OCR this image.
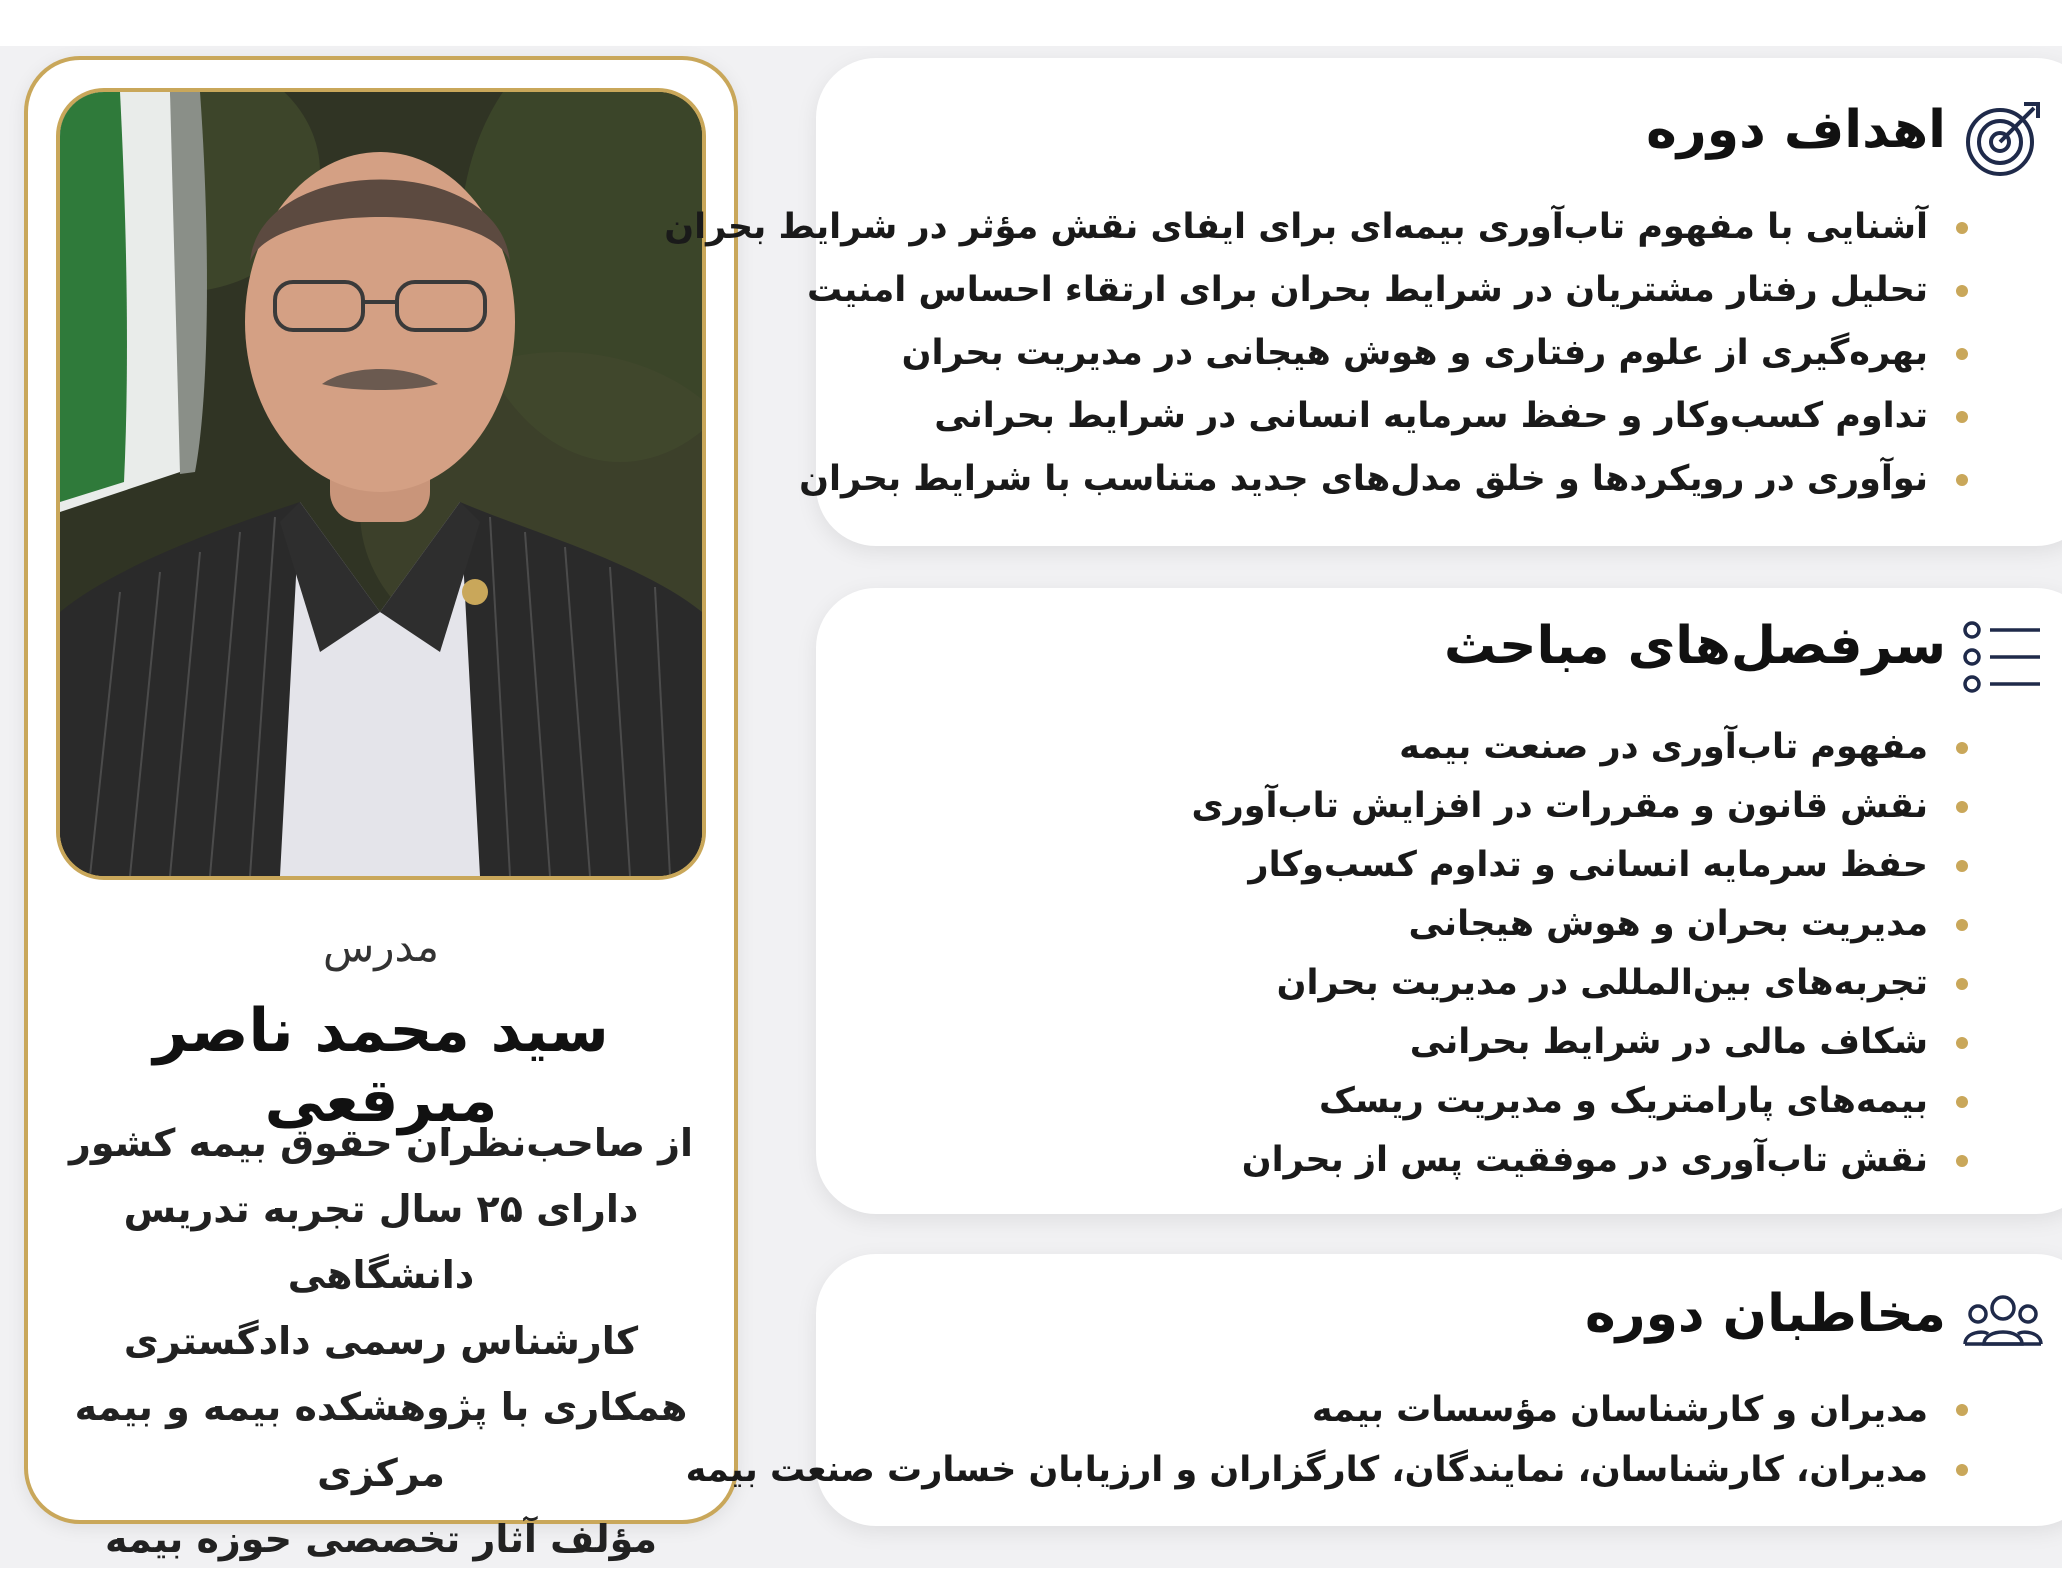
مدرس
سید محمد ناصر مبرقعی
از صاحب‌نظران حقوق بیمه کشور
دارای ۲۵ سال تجربه تدریس دانشگاهی
کارشناس رسمی دادگستری
همکاری با پژوهشکده بیمه و بیمه مرکزی
مؤلف آثار تخصصی حوزه بیمه
اهداف دوره
آشنایی با مفهوم تاب‌آوری بیمه‌ای برای ایفای نقش مؤثر در شرایط بحران
تحلیل رفتار مشتریان در شرایط بحران برای ارتقاء احساس امنیت
بهره‌گیری از علوم رفتاری و هوش هیجانی در مدیریت بحران
تداوم کسب‌وکار و حفظ سرمایه انسانی در شرایط بحرانی
نوآوری در رویکردها و خلق مدل‌های جدید متناسب با شرایط بحران
سرفصل‌های مباحث
مفهوم تاب‌آوری در صنعت بیمه
نقش قانون و مقررات در افزایش تاب‌آوری
حفظ سرمایه انسانی و تداوم کسب‌وکار
مدیریت بحران و هوش هیجانی
تجربه‌های بین‌المللی در مدیریت بحران
شکاف مالی در شرایط بحرانی
بیمه‌های پارامتریک و مدیریت ریسک
نقش تاب‌آوری در موفقیت پس از بحران
مخاطبان دوره
مدیران و کارشناسان مؤسسات بیمه
مدیران، کارشناسان، نمایندگان، کارگزاران و ارزیابان خسارت صنعت بیمه
